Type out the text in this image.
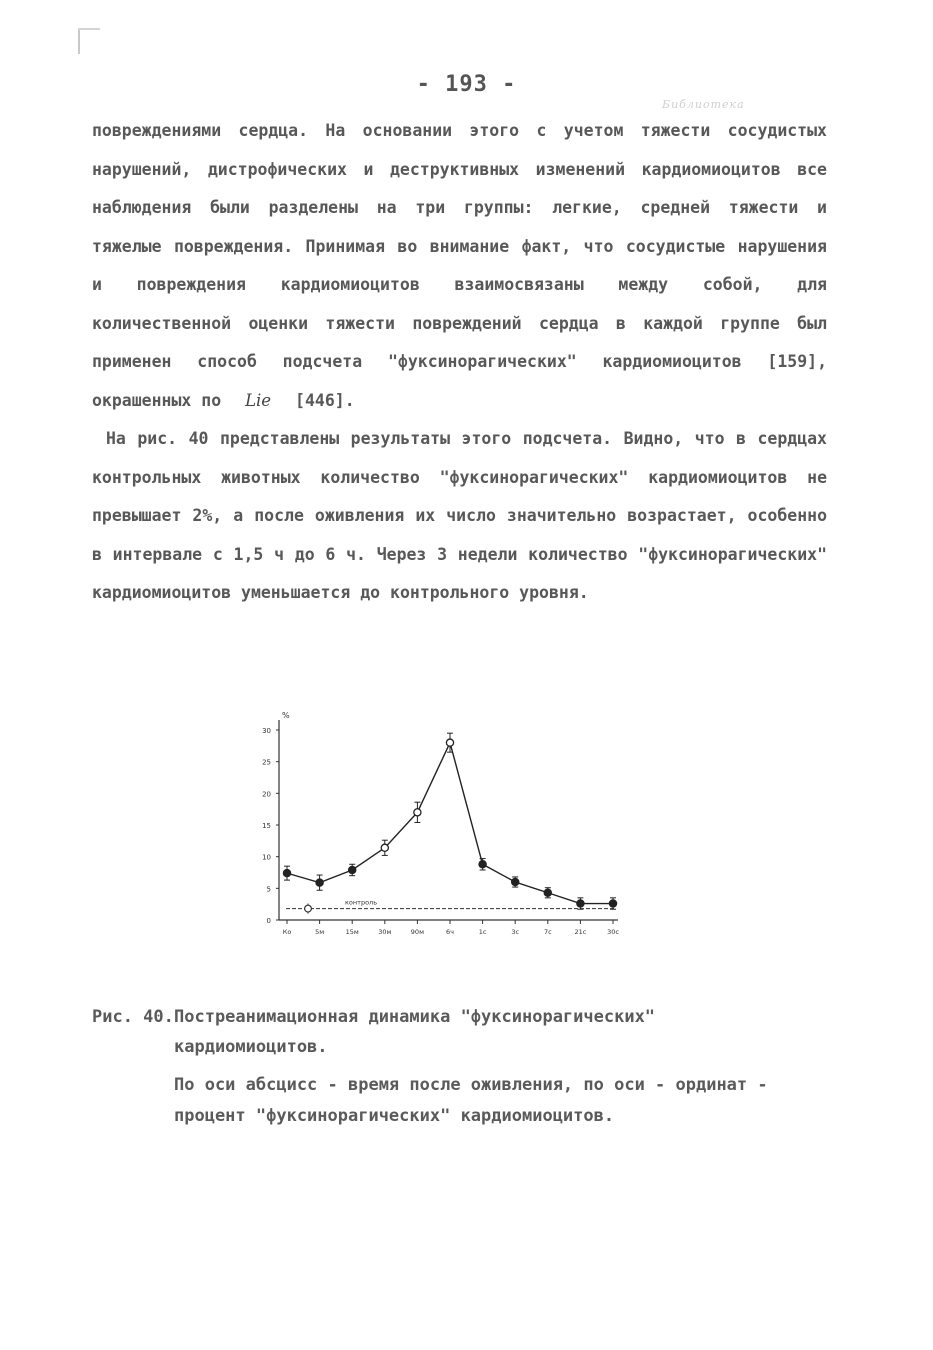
- 193 -
Библиотека

повреждениями сердца. На основании этого с учетом тяжести сосудистых нарушений, дистрофических и деструктивных изменений кардиомиоцитов все наблюдения были разделены на три группы: легкие, средней тяжести и тяжелые повреждения. Принимая во внимание факт, что сосудистые нарушения и повреждения кардиомиоцитов взаимосвязаны между собой, для количественной оценки тяжести повреждений сердца в каждой группе был применен способ подсчета "фуксинорагических" кардиомиоцитов [159], окрашенных по Lie [446].

На рис. 40 представлены результаты этого подсчета. Видно, что в сердцах контрольных животных количество "фуксинорагических" кардиомиоцитов не превышает 2%, а после оживления их число значительно возрастает, особенно в интервале с 1,5 ч до 6 ч. Через 3 недели количество "фуксинорагических" кардиомиоцитов уменьшается до контрольного уровня.

%
0
5
10
15
20
25
30
Ко	5м	15м	30м	90м	6ч	1с	3с	7с	21с	30с
контроль
Рис. 40. Постреанимационная динамика "фуксинорагических" кардиомиоцитов.
По оси абсцисс - время после оживления, по оси - ординат - процент "фуксинорагических" кардиомиоцитов.
